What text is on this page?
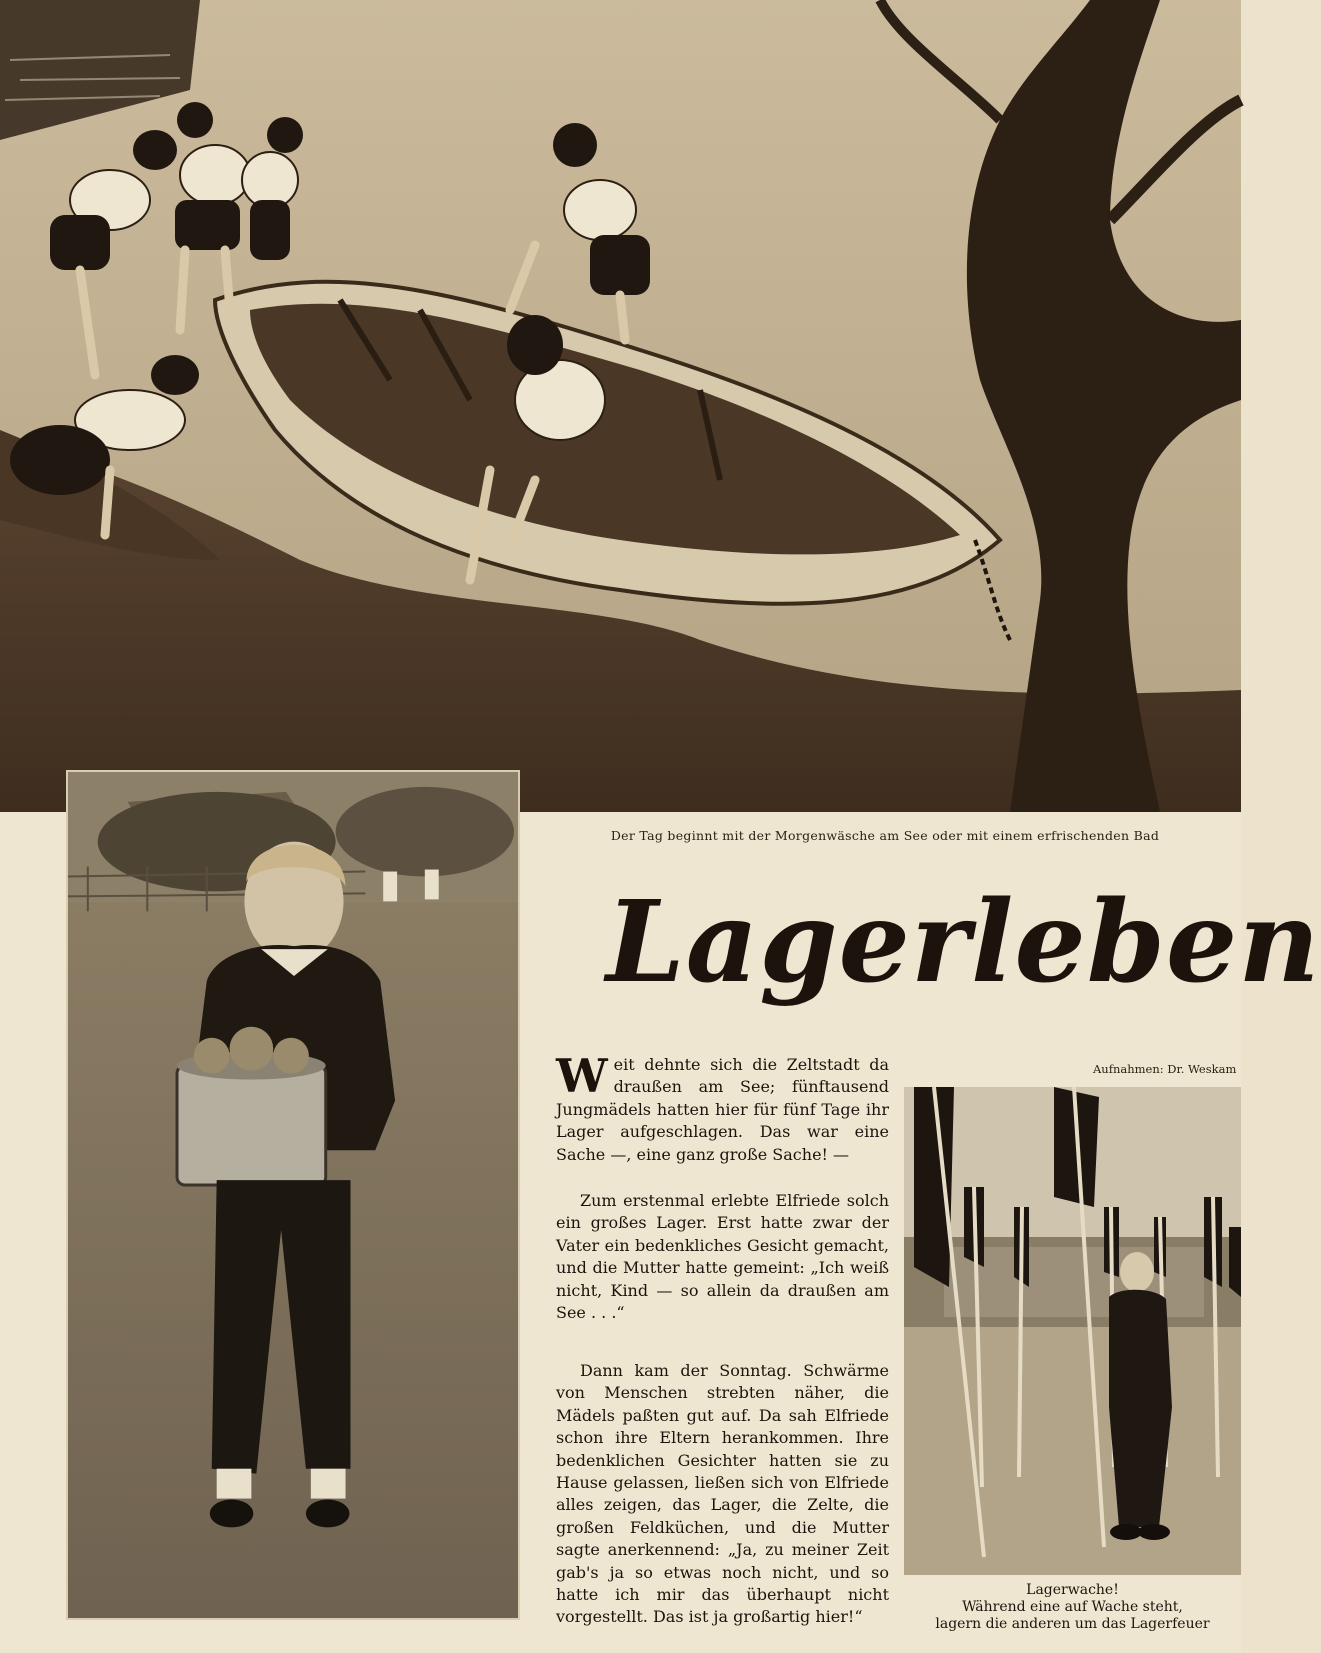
Der Tag beginnt mit der Morgenwäsche am See oder mit einem erfrischenden Bad
Lagerleben
Aufnahmen: Dr. Weskam

Weit dehnte sich die Zeltstadt da draußen am See; fünftausend Jungmädels hatten hier für fünf Tage ihr Lager aufgeschlagen. Das war eine Sache —, eine ganz große Sache! —

Zum erstenmal erlebte Elfriede solch ein großes Lager. Erst hatte zwar der Vater ein bedenkliches Gesicht gemacht, und die Mutter hatte gemeint: „Ich weiß nicht, Kind — so allein da draußen am See . . .“

Dann kam der Sonntag. Schwärme von Menschen strebten näher, die Mädels paßten gut auf. Da sah Elfriede schon ihre Eltern herankommen. Ihre bedenklichen Gesichter hatten sie zu Hause gelassen, ließen sich von Elfriede alles zeigen, das Lager, die Zelte, die großen Feldküchen, und die Mutter sagte anerkennend: „Ja, zu meiner Zeit gab's ja so etwas noch nicht, und so hatte ich mir das überhaupt nicht vorgestellt. Das ist ja großartig hier!“

Lagerwache!
Während eine auf Wache steht,
lagern die anderen um das Lagerfeuer
